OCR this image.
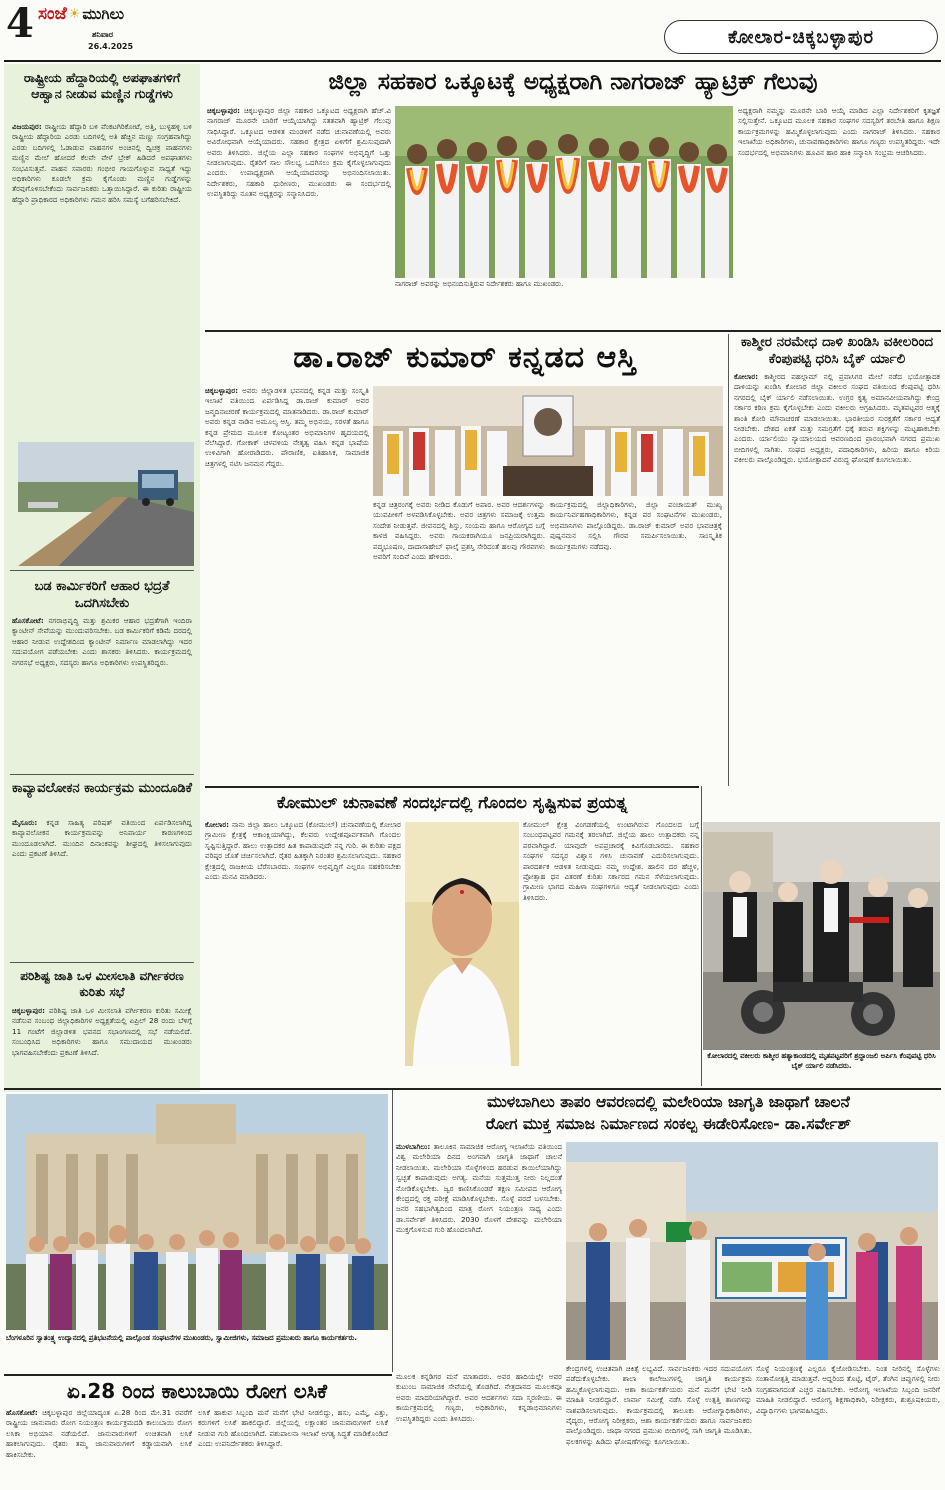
4 ಸಂಜೆ ☀ ಮುಗಿಲು
ಶನಿವಾರ
26.4.2025	ಕೋಲಾರ-ಚಿಕ್ಕಬಳ್ಳಾಪುರ
ರಾಷ್ಟ್ರೀಯ ಹೆದ್ದಾರಿಯಲ್ಲಿ ಅಪಘಾತಗಳಿಗೆ ಆಹ್ವಾನ ನೀಡುವ ಮಣ್ಣಿನ ಗುಡ್ಡೆಗಳು
ವಿಜಯಪುರ: ರಾಷ್ಟ್ರೀಯ ಹೆದ್ದಾರಿ ಬಳಿ ವೆಂಕಟಗಿರಿಕೋಟೆ, ಅತ್ತಿ, ಬುಳ್ಳಹಳ್ಳಿ ಬಳಿ ರಾಷ್ಟ್ರೀಯ ಹೆದ್ದಾರಿಯ ಎರಡು ಬದಿಗಳಲ್ಲಿ ಅತಿ ಹೆಚ್ಚಿನ ಮಣ್ಣು ಸಂಗ್ರಹವಾಗಿದ್ದು ಎರಡು ಬದಿಗಳಲ್ಲಿ ಓಡಾಡುವ ವಾಹನಗಳ ಅಂಚಿನಲ್ಲಿ ದ್ವಿಚಕ್ರ ವಾಹನಗಳು ಮಣ್ಣಿನ ಮೇಲೆ ಹೋದರೆ ಕೆಲವೇ ವೇಳೆ ಬ್ರೇಕ್ ಹಿಡಿದರೆ ಅಪಘಾತಗಳು ಸಂಭವಿಸುತ್ತವೆ. ವಾಹನ ಸವಾರರು ಗಂಭೀರ ಗಾಯಗೊಳ್ಳುವ ಸಾಧ್ಯತೆ ಇದ್ದು ಅಧಿಕಾರಿಗಳು ಕೂಡಲೇ ಕ್ರಮ ಕೈಗೊಂಡು ಮಣ್ಣಿನ ಗುಡ್ಡೆಗಳನ್ನು ತೆರವುಗೊಳಿಸಬೇಕೆಂದು ಸಾರ್ವಜನಿಕರು ಒತ್ತಾಯಿಸಿದ್ದಾರೆ. ಈ ಕುರಿತು ರಾಷ್ಟ್ರೀಯ ಹೆದ್ದಾರಿ ಪ್ರಾಧಿಕಾರದ ಅಧಿಕಾರಿಗಳು ಗಮನ ಹರಿಸಿ ಸಮಸ್ಯೆ ಬಗೆಹರಿಸಬೇಕಿದೆ.
ಬಡ ಕಾರ್ಮಿಕರಿಗೆ ಆಹಾರ ಭದ್ರತೆ ಒದಗಿಸಬೇಕು
ಹೊಸಕೋಟೆ: ನಗರಾಭಿವೃದ್ಧಿ ಮತ್ತು ಶ್ರಮಿಕರ ಆಹಾರ ಭದ್ರತೆಗಾಗಿ ಇಂದಿರಾ ಕ್ಯಾಂಟೀನ್ ಸೇವೆಯನ್ನು ಮುಂದುವರಿಸಬೇಕು. ಬಡ ಕಾರ್ಮಿಕರಿಗೆ ಕಡಿಮೆ ದರದಲ್ಲಿ ಆಹಾರ ನೀಡುವ ಉದ್ದೇಶದಿಂದ ಕ್ಯಾಂಟೀನ್ ನಿರ್ಮಾಣ ಮಾಡಲಾಗಿದ್ದು ಇದರ ಸದುಪಯೋಗ ಪಡೆಯಬೇಕು ಎಂದು ಶಾಸಕರು ತಿಳಿಸಿದರು. ಕಾರ್ಯಕ್ರಮದಲ್ಲಿ ನಗರಸಭೆ ಅಧ್ಯಕ್ಷರು, ಸದಸ್ಯರು ಹಾಗೂ ಅಧಿಕಾರಿಗಳು ಉಪಸ್ಥಿತರಿದ್ದರು.
ಕಾವ್ಯಾವಲೋಕನ ಕಾರ್ಯಕ್ರಮ ಮುಂದೂಡಿಕೆ
ಮೈಸೂರು: ಕನ್ನಡ ಸಾಹಿತ್ಯ ಪರಿಷತ್ ವತಿಯಿಂದ ಏರ್ಪಡಿಸಲಾಗಿದ್ದ ಕಾವ್ಯಾವಲೋಕನ ಕಾರ್ಯಕ್ರಮವನ್ನು ಅನಿವಾರ್ಯ ಕಾರಣಗಳಿಂದ ಮುಂದೂಡಲಾಗಿದೆ. ಮುಂದಿನ ದಿನಾಂಕವನ್ನು ಶೀಘ್ರದಲ್ಲಿ ತಿಳಿಸಲಾಗುವುದು ಎಂದು ಪ್ರಕಟಣೆ ತಿಳಿಸಿದೆ.
ಪರಿಶಿಷ್ಟ ಜಾತಿ ಒಳ ಮೀಸಲಾತಿ ವರ್ಗೀಕರಣ ಕುರಿತು ಸಭೆ
ಚಿಕ್ಕಬಳ್ಳಾಪುರ: ಪರಿಶಿಷ್ಟ ಜಾತಿ ಒಳ ಮೀಸಲಾತಿ ವರ್ಗೀಕರಣ ಕುರಿತು ಸಮೀಕ್ಷೆ ನಡೆಸುವ ಸಂಬಂಧ ಜಿಲ್ಲಾಧಿಕಾರಿಗಳ ಅಧ್ಯಕ್ಷತೆಯಲ್ಲಿ ಏಪ್ರಿಲ್ 28 ರಂದು ಬೆಳಿಗ್ಗೆ 11 ಗಂಟೆಗೆ ಜಿಲ್ಲಾಡಳಿತ ಭವನದ ಸಭಾಂಗಣದಲ್ಲಿ ಸಭೆ ನಡೆಯಲಿದೆ. ಸಂಬಂಧಿಸಿದ ಅಧಿಕಾರಿಗಳು ಹಾಗೂ ಸಮುದಾಯದ ಮುಖಂಡರು ಭಾಗವಹಿಸಬೇಕೆಂದು ಪ್ರಕಟಣೆ ತಿಳಿಸಿದೆ.
ಜಿಲ್ಲಾ ಸಹಕಾರ ಒಕ್ಕೂಟಕ್ಕೆ ಅಧ್ಯಕ್ಷರಾಗಿ ನಾಗರಾಜ್ ಹ್ಯಾಟ್ರಿಕ್ ಗೆಲುವು
ಚಿಕ್ಕಬಳ್ಳಾಪುರ: ಚಿಕ್ಕಬಳ್ಳಾಪುರ ಜಿಲ್ಲಾ ಸಹಕಾರ ಒಕ್ಕೂಟದ ಅಧ್ಯಕ್ಷರಾಗಿ ಹೆಚ್.ವಿ ನಾಗರಾಜ್ ಮೂರನೇ ಬಾರಿಗೆ ಆಯ್ಕೆಯಾಗಿದ್ದು ಸತತವಾಗಿ ಹ್ಯಾಟ್ರಿಕ್ ಗೆಲುವು ಸಾಧಿಸಿದ್ದಾರೆ. ಒಕ್ಕೂಟದ ಆಡಳಿತ ಮಂಡಳಿಗೆ ನಡೆದ ಚುನಾವಣೆಯಲ್ಲಿ ಅವರು ಅವಿರೋಧವಾಗಿ ಆಯ್ಕೆಯಾದರು. ಸಹಕಾರ ಕ್ಷೇತ್ರದ ಏಳಿಗೆಗೆ ಶ್ರಮಿಸುವುದಾಗಿ ಅವರು ತಿಳಿಸಿದರು. ಜಿಲ್ಲೆಯ ಎಲ್ಲಾ ಸಹಕಾರ ಸಂಘಗಳ ಅಭಿವೃದ್ಧಿಗೆ ಒತ್ತು ನೀಡಲಾಗುವುದು. ರೈತರಿಗೆ ಸಾಲ ಸೌಲಭ್ಯ ಒದಗಿಸಲು ಕ್ರಮ ಕೈಗೊಳ್ಳಲಾಗುವುದು ಎಂದರು. ಉಪಾಧ್ಯಕ್ಷರಾಗಿ ಆಯ್ಕೆಯಾದವರನ್ನು ಅಭಿನಂದಿಸಲಾಯಿತು. ನಿರ್ದೇಶಕರು, ಸಹಕಾರಿ ಧುರೀಣರು, ಮುಖಂಡರು ಈ ಸಂದರ್ಭದಲ್ಲಿ ಉಪಸ್ಥಿತರಿದ್ದು ನೂತನ ಅಧ್ಯಕ್ಷರನ್ನು ಸನ್ಮಾನಿಸಿದರು.
ನಾಗರಾಜ್ ಅವರನ್ನು ಅಭಿನಂದಿಸುತ್ತಿರುವ ನಿರ್ದೇಶಕರು ಹಾಗೂ ಮುಖಂಡರು.
ಅಧ್ಯಕ್ಷರಾಗಿ ನಮ್ಮನ್ನು ಮೂರನೇ ಬಾರಿ ಆಯ್ಕೆ ಮಾಡಿದ ಎಲ್ಲಾ ನಿರ್ದೇಶಕರಿಗೆ ಕೃತಜ್ಞತೆ ಸಲ್ಲಿಸುತ್ತೇನೆ. ಒಕ್ಕೂಟದ ಮೂಲಕ ಸಹಕಾರ ಸಂಘಗಳ ಸದಸ್ಯರಿಗೆ ತರಬೇತಿ ಹಾಗೂ ಶಿಕ್ಷಣ ಕಾರ್ಯಕ್ರಮಗಳನ್ನು ಹಮ್ಮಿಕೊಳ್ಳಲಾಗುವುದು ಎಂದು ನಾಗರಾಜ್ ತಿಳಿಸಿದರು. ಸಹಕಾರ ಇಲಾಖೆಯ ಅಧಿಕಾರಿಗಳು, ಚುನಾವಣಾಧಿಕಾರಿಗಳು ಹಾಗೂ ಗಣ್ಯರು ಉಪಸ್ಥಿತರಿದ್ದರು. ಇದೇ ಸಂದರ್ಭದಲ್ಲಿ ಅಭಿಮಾನಿಗಳು ಹೂವಿನ ಹಾರ ಹಾಕಿ ಸನ್ಮಾನಿಸಿ ಸಂಭ್ರಮ ಆಚರಿಸಿದರು.
ಡಾ.ರಾಜ್ ಕುಮಾರ್ ಕನ್ನಡದ ಆಸ್ತಿ
ಚಿಕ್ಕಬಳ್ಳಾಪುರ: ಅವರು ಜಿಲ್ಲಾಡಳಿತ ಭವನದಲ್ಲಿ ಕನ್ನಡ ಮತ್ತು ಸಂಸ್ಕೃತಿ ಇಲಾಖೆ ವತಿಯಿಂದ ಏರ್ಪಡಿಸಿದ್ದ ಡಾ.ರಾಜ್ ಕುಮಾರ್ ಅವರ ಜನ್ಮದಿನಾಚರಣೆ ಕಾರ್ಯಕ್ರಮದಲ್ಲಿ ಮಾತನಾಡಿದರು. ಡಾ.ರಾಜ್ ಕುಮಾರ್ ಅವರು ಕನ್ನಡ ನಾಡಿನ ಅಮೂಲ್ಯ ಆಸ್ತಿ. ತಮ್ಮ ಅಭಿನಯ, ಸರಳತೆ ಹಾಗೂ ಕನ್ನಡ ಪ್ರೇಮದ ಮೂಲಕ ಕೋಟ್ಯಂತರ ಅಭಿಮಾನಿಗಳ ಹೃದಯದಲ್ಲಿ ನೆಲೆಸಿದ್ದಾರೆ. ಗೋಕಾಕ್ ಚಳವಳಿಯ ನೇತೃತ್ವ ವಹಿಸಿ ಕನ್ನಡ ಭಾಷೆಯ ಉಳಿವಿಗಾಗಿ ಹೋರಾಡಿದರು. ಪೌರಾಣಿಕ, ಐತಿಹಾಸಿಕ, ಸಾಮಾಜಿಕ ಚಿತ್ರಗಳಲ್ಲಿ ನಟಿಸಿ ಜನಮನ ಗೆದ್ದರು.
ಕನ್ನಡ ಚಿತ್ರರಂಗಕ್ಕೆ ಅವರು ನೀಡಿದ ಕೊಡುಗೆ ಅಪಾರ. ಅವರ ಆದರ್ಶಗಳನ್ನು ಯುವಪೀಳಿಗೆ ಅಳವಡಿಸಿಕೊಳ್ಳಬೇಕು. ಅವರ ಚಿತ್ರಗಳು ಸಮಾಜಕ್ಕೆ ಉತ್ತಮ ಸಂದೇಶ ನೀಡುತ್ತವೆ. ಜೀವನದಲ್ಲಿ ಶಿಸ್ತು, ಸಂಯಮ ಹಾಗೂ ಆರೋಗ್ಯದ ಬಗ್ಗೆ ಕಾಳಜಿ ವಹಿಸಿದ್ದರು. ಅವರು ಗಾಯಕರಾಗಿಯೂ ಜನಪ್ರಿಯರಾಗಿದ್ದರು. ಪದ್ಮಭೂಷಣ, ದಾದಾಸಾಹೇಬ್ ಫಾಲ್ಕೆ ಪ್ರಶಸ್ತಿ ಸೇರಿದಂತೆ ಹಲವು ಗೌರವಗಳು ಅವರಿಗೆ ಸಂದಿವೆ ಎಂದು ಹೇಳಿದರು.
ಕಾರ್ಯಕ್ರಮದಲ್ಲಿ ಜಿಲ್ಲಾಧಿಕಾರಿಗಳು, ಜಿಲ್ಲಾ ಪಂಚಾಯತ್ ಮುಖ್ಯ ಕಾರ್ಯನಿರ್ವಹಣಾಧಿಕಾರಿಗಳು, ಕನ್ನಡ ಪರ ಸಂಘಟನೆಗಳ ಮುಖಂಡರು, ಅಭಿಮಾನಿಗಳು ಪಾಲ್ಗೊಂಡಿದ್ದರು. ಡಾ.ರಾಜ್ ಕುಮಾರ್ ಅವರ ಭಾವಚಿತ್ರಕ್ಕೆ ಪುಷ್ಪನಮನ ಸಲ್ಲಿಸಿ ಗೌರವ ಸಮರ್ಪಿಸಲಾಯಿತು. ಸಾಂಸ್ಕೃತಿಕ ಕಾರ್ಯಕ್ರಮಗಳು ನಡೆದವು.
ಕಾಶ್ಮೀರ ನರಮೇಧ ದಾಳಿ ಖಂಡಿಸಿ ವಕೀಲರಿಂದ ಕೆಂಪುಪಟ್ಟಿ ಧರಿಸಿ ಬೈಕ್ ರ್ಯಾಲಿ
ಕೋಲಾರ: ಕಾಶ್ಮೀರದ ಪಹಲ್ಗಾಮ್ ನಲ್ಲಿ ಪ್ರವಾಸಿಗರ ಮೇಲೆ ನಡೆದ ಭಯೋತ್ಪಾದಕ ದಾಳಿಯನ್ನು ಖಂಡಿಸಿ ಕೋಲಾರ ಜಿಲ್ಲಾ ವಕೀಲರ ಸಂಘದ ವತಿಯಿಂದ ಕೆಂಪುಪಟ್ಟಿ ಧರಿಸಿ ನಗರದಲ್ಲಿ ಬೈಕ್ ರ್ಯಾಲಿ ನಡೆಸಲಾಯಿತು. ಉಗ್ರರ ಕೃತ್ಯ ಅಮಾನವೀಯವಾಗಿದ್ದು ಕೇಂದ್ರ ಸರ್ಕಾರ ಕಠಿಣ ಕ್ರಮ ಕೈಗೊಳ್ಳಬೇಕು ಎಂದು ವಕೀಲರು ಆಗ್ರಹಿಸಿದರು. ಮೃತಪಟ್ಟವರ ಆತ್ಮಕ್ಕೆ ಶಾಂತಿ ಕೋರಿ ಮೌನಾಚರಣೆ ಮಾಡಲಾಯಿತು. ಭಾರತೀಯರ ಸುರಕ್ಷತೆಗೆ ಸರ್ಕಾರ ಆದ್ಯತೆ ನೀಡಬೇಕು. ದೇಶದ ಏಕತೆ ಮತ್ತು ಸಮಗ್ರತೆಗೆ ಧಕ್ಕೆ ತರುವ ಶಕ್ತಿಗಳನ್ನು ಮಟ್ಟಹಾಕಬೇಕು ಎಂದರು. ರ್ಯಾಲಿಯು ನ್ಯಾಯಾಲಯದ ಆವರಣದಿಂದ ಪ್ರಾರಂಭವಾಗಿ ನಗರದ ಪ್ರಮುಖ ಬೀದಿಗಳಲ್ಲಿ ಸಾಗಿತು. ಸಂಘದ ಅಧ್ಯಕ್ಷರು, ಪದಾಧಿಕಾರಿಗಳು, ಹಿರಿಯ ಹಾಗೂ ಕಿರಿಯ ವಕೀಲರು ಪಾಲ್ಗೊಂಡಿದ್ದರು. ಭಯೋತ್ಪಾದನೆ ವಿರುದ್ಧ ಘೋಷಣೆ ಕೂಗಲಾಯಿತು.
ಕೋಲಾರದಲ್ಲಿ ವಕೀಲರು ಕಾಶ್ಮೀರ ಹತ್ಯಾಕಾಂಡದಲ್ಲಿ ಮೃತಪಟ್ಟವರಿಗೆ ಶ್ರದ್ಧಾಂಜಲಿ ಅರ್ಪಿಸಿ ಕೆಂಪುಪಟ್ಟಿ ಧರಿಸಿ ಬೈಕ್ ರ್ಯಾಲಿ ನಡೆಸಿದರು.
ಕೋಮುಲ್ ಚುನಾವಣೆ ಸಂದರ್ಭದಲ್ಲಿ ಗೊಂದಲ ಸೃಷ್ಟಿಸುವ ಪ್ರಯತ್ನ
ಕೋಲಾರ: ನಾನು ಜಿಲ್ಲಾ ಹಾಲು ಒಕ್ಕೂಟದ (ಕೋಮುಲ್) ಚುನಾವಣೆಯಲ್ಲಿ ಕೋಲಾರ ಗ್ರಾಮೀಣ ಕ್ಷೇತ್ರಕ್ಕೆ ಆಕಾಂಕ್ಷಿಯಾಗಿದ್ದು, ಕೆಲವರು ಉದ್ದೇಶಪೂರ್ವಕವಾಗಿ ಗೊಂದಲ ಸೃಷ್ಟಿಸುತ್ತಿದ್ದಾರೆ. ಹಾಲು ಉತ್ಪಾದಕರ ಹಿತ ಕಾಪಾಡುವುದೇ ನನ್ನ ಗುರಿ. ಈ ಕುರಿತು ಪಕ್ಷದ ವರಿಷ್ಠರ ಜೊತೆ ಚರ್ಚಿಸಲಾಗಿದೆ. ರೈತರ ಹಿತಕ್ಕಾಗಿ ನಿರಂತರ ಶ್ರಮಿಸಲಾಗುವುದು. ಸಹಕಾರ ಕ್ಷೇತ್ರದಲ್ಲಿ ರಾಜಕೀಯ ಬೆರೆಸಬಾರದು. ಸಂಘಗಳ ಅಭಿವೃದ್ಧಿಗೆ ಎಲ್ಲರೂ ಸಹಕರಿಸಬೇಕು ಎಂದು ಮನವಿ ಮಾಡಿದರು.
ಕೋಮುಲ್ ಕ್ಷೇತ್ರ ವಿಂಗಡಣೆಯಲ್ಲಿ ಉಂಟಾಗಿರುವ ಗೊಂದಲದ ಬಗ್ಗೆ ಸಂಬಂಧಪಟ್ಟವರ ಗಮನಕ್ಕೆ ತರಲಾಗಿದೆ. ಜಿಲ್ಲೆಯ ಹಾಲು ಉತ್ಪಾದಕರು ನನ್ನ ಪರವಾಗಿದ್ದಾರೆ. ಯಾವುದೇ ಅಪಪ್ರಚಾರಕ್ಕೆ ಕಿವಿಗೊಡಬಾರದು. ಸಹಕಾರ ಸಂಘಗಳ ಸದಸ್ಯರ ವಿಶ್ವಾಸ ಗಳಿಸಿ ಚುನಾವಣೆ ಎದುರಿಸಲಾಗುವುದು. ಪಾರದರ್ಶಕ ಆಡಳಿತ ನೀಡುವುದು ನಮ್ಮ ಉದ್ದೇಶ. ಹಾಲಿನ ದರ ಹೆಚ್ಚಳ, ಪ್ರೋತ್ಸಾಹ ಧನ ವಿತರಣೆ ಕುರಿತು ಸರ್ಕಾರದ ಗಮನ ಸೆಳೆಯಲಾಗುವುದು. ಗ್ರಾಮೀಣ ಭಾಗದ ಮಹಿಳಾ ಸಂಘಗಳಿಗೂ ಆದ್ಯತೆ ನೀಡಲಾಗುವುದು ಎಂದು ತಿಳಿಸಿದರು.
ಬೆಂಗಳೂರಿನ ಸ್ವಾತಂತ್ರ್ಯ ಉದ್ಯಾನದಲ್ಲಿ ಪ್ರತಿಭಟನೆಯಲ್ಲಿ ಪಾಲ್ಗೊಂಡ ಸಂಘಟನೆಗಳ ಮುಖಂಡರು, ಸ್ವಾಮೀಜಿಗಳು, ಸಮಾಜದ ಪ್ರಮುಖರು ಹಾಗೂ ಕಾರ್ಯಕರ್ತರು.
ಮುಳಬಾಗಿಲು ತಾಪಂ ಆವರಣದಲ್ಲಿ ಮಲೇರಿಯಾ ಜಾಗೃತಿ ಜಾಥಾಗೆ ಚಾಲನೆ
ರೋಗ ಮುಕ್ತ ಸಮಾಜ ನಿರ್ಮಾಣದ ಸಂಕಲ್ಪ ಈಡೇರಿಸೋಣ- ಡಾ.ಸರ್ವೇಶ್
ಮುಳಬಾಗಿಲು: ತಾಲೂಕಿನ ಸಾಮಾಜಿಕ ಆರೋಗ್ಯ ಇಲಾಖೆಯ ವತಿಯಿಂದ ವಿಶ್ವ ಮಲೇರಿಯಾ ದಿನದ ಅಂಗವಾಗಿ ಜಾಗೃತಿ ಜಾಥಾಗೆ ಚಾಲನೆ ನೀಡಲಾಯಿತು. ಮಲೇರಿಯಾ ಸೊಳ್ಳೆಗಳಿಂದ ಹರಡುವ ಕಾಯಿಲೆಯಾಗಿದ್ದು ಸ್ವಚ್ಛತೆ ಕಾಪಾಡುವುದು ಅಗತ್ಯ. ಮನೆಯ ಸುತ್ತಮುತ್ತ ನೀರು ನಿಲ್ಲದಂತೆ ನೋಡಿಕೊಳ್ಳಬೇಕು. ಜ್ವರ ಕಾಣಿಸಿಕೊಂಡರೆ ತಕ್ಷಣ ಸಮೀಪದ ಆರೋಗ್ಯ ಕೇಂದ್ರದಲ್ಲಿ ರಕ್ತ ಪರೀಕ್ಷೆ ಮಾಡಿಸಿಕೊಳ್ಳಬೇಕು. ಸೊಳ್ಳೆ ಪರದೆ ಬಳಸಬೇಕು. ಜನರ ಸಹಭಾಗಿತ್ವದಿಂದ ಮಾತ್ರ ರೋಗ ನಿಯಂತ್ರಣ ಸಾಧ್ಯ ಎಂದು ಡಾ.ಸರ್ವೇಶ್ ತಿಳಿಸಿದರು. 2030 ರೊಳಗೆ ದೇಶವನ್ನು ಮಲೇರಿಯಾ ಮುಕ್ತಗೊಳಿಸುವ ಗುರಿ ಹೊಂದಲಾಗಿದೆ.
ಕೇಂದ್ರಗಳಲ್ಲಿ ಉಚಿತವಾಗಿ ಚಿಕಿತ್ಸೆ ಲಭ್ಯವಿದೆ. ಸಾರ್ವಜನಿಕರು ಇದರ ಸದುಪಯೋಗ ಪಡೆದುಕೊಳ್ಳಬೇಕು. ಶಾಲಾ ಕಾಲೇಜುಗಳಲ್ಲಿ ಜಾಗೃತಿ ಕಾರ್ಯಕ್ರಮ ಹಮ್ಮಿಕೊಳ್ಳಲಾಗುವುದು. ಆಶಾ ಕಾರ್ಯಕರ್ತೆಯರು ಮನೆ ಮನೆಗೆ ಭೇಟಿ ನೀಡಿ ಮಾಹಿತಿ ನೀಡಲಿದ್ದಾರೆ. ಲಾರ್ವಾ ಸಮೀಕ್ಷೆ ನಡೆಸಿ ಸೊಳ್ಳೆ ಉತ್ಪತ್ತಿ ತಾಣಗಳನ್ನು ನಾಶಪಡಿಸಲಾಗುವುದು. ಕಾರ್ಯಕ್ರಮದಲ್ಲಿ ತಾಲೂಕು ಆರೋಗ್ಯಾಧಿಕಾರಿಗಳು, ವೈದ್ಯರು, ಆರೋಗ್ಯ ನಿರೀಕ್ಷಕರು, ಆಶಾ ಕಾರ್ಯಕರ್ತೆಯರು ಹಾಗೂ ಸಾರ್ವಜನಿಕರು ಪಾಲ್ಗೊಂಡಿದ್ದರು. ಜಾಥಾ ನಗರದ ಪ್ರಮುಖ ಬೀದಿಗಳಲ್ಲಿ ಸಾಗಿ ಜಾಗೃತಿ ಮೂಡಿಸಿತು. ಫಲಕಗಳನ್ನು ಹಿಡಿದು ಘೋಷಣೆಗಳನ್ನು ಕೂಗಲಾಯಿತು.
ಸೊಳ್ಳೆ ನಿಯಂತ್ರಣಕ್ಕೆ ಎಲ್ಲರೂ ಕೈಜೋಡಿಸಬೇಕು. ನಿಂತ ನೀರಿನಲ್ಲಿ ಸೊಳ್ಳೆಗಳು ಸಂತಾನೋತ್ಪತ್ತಿ ಮಾಡುತ್ತವೆ. ಆದ್ದರಿಂದ ತೊಟ್ಟಿ, ಟೈರ್, ತೆಂಗಿನ ಚಿಪ್ಪುಗಳಲ್ಲಿ ನೀರು ಸಂಗ್ರಹವಾಗದಂತೆ ಎಚ್ಚರ ವಹಿಸಬೇಕು. ಆರೋಗ್ಯ ಇಲಾಖೆಯ ಸಿಬ್ಬಂದಿ ಜನರಿಗೆ ಮಾಹಿತಿ ನೀಡಲಿದ್ದಾರೆ. ಆರೋಗ್ಯ ಶಿಕ್ಷಣಾಧಿಕಾರಿ, ನಿರೀಕ್ಷಕರು, ಶುಶ್ರೂಷಕಿಯರು, ವಿದ್ಯಾರ್ಥಿಗಳು ಭಾಗವಹಿಸಿದ್ದರು.
ಮೂಲಕ ಕನ್ನಡಿಗರ ಮನೆ ಮಾತಾದರು. ಅವರ ಹಾದಿಯಲ್ಲೇ ಅವರ ಕುಟುಂಬ ಸಾಮಾಜಿಕ ಸೇವೆಯಲ್ಲಿ ತೊಡಗಿದೆ. ನೇತ್ರದಾನದ ಮೂಲಕವೂ ಅವರು ಮಾದರಿಯಾಗಿದ್ದಾರೆ. ಅವರ ಆದರ್ಶಗಳು ಸದಾ ಸ್ಮರಣೀಯ. ಈ ಕಾರ್ಯಕ್ರಮದಲ್ಲಿ ಗಣ್ಯರು, ಅಧಿಕಾರಿಗಳು, ಕನ್ನಡಾಭಿಮಾನಿಗಳು ಉಪಸ್ಥಿತರಿದ್ದರು ಎಂದು ತಿಳಿಸಿದರು.
ಏ.28 ರಿಂದ ಕಾಲುಬಾಯಿ ರೋಗ ಲಸಿಕೆ
ಹೊಸಕೋಟೆ: ಚಿಕ್ಕಬಳ್ಳಾಪುರ ಜಿಲ್ಲೆಯಾದ್ಯಂತ ಏ.28 ರಿಂದ ಮೇ.31 ರವರೆಗೆ ರಾಷ್ಟ್ರೀಯ ಜಾನುವಾರು ರೋಗ ನಿಯಂತ್ರಣ ಕಾರ್ಯಕ್ರಮದಡಿ ಕಾಲುಬಾಯಿ ರೋಗ ಲಸಿಕಾ ಅಭಿಯಾನ ನಡೆಯಲಿದೆ. ಜಾನುವಾರುಗಳಿಗೆ ಉಚಿತವಾಗಿ ಲಸಿಕೆ ಹಾಕಲಾಗುವುದು. ರೈತರು ತಮ್ಮ ಜಾನುವಾರುಗಳಿಗೆ ಕಡ್ಡಾಯವಾಗಿ ಲಸಿಕೆ ಹಾಕಿಸಬೇಕು.
ಲಸಿಕೆ ಹಾಕುವ ಸಿಬ್ಬಂದಿ ಮನೆ ಮನೆಗೆ ಭೇಟಿ ನೀಡಲಿದ್ದು, ಹಸು, ಎಮ್ಮೆ, ಎತ್ತು, ಕರುಗಳಿಗೆ ಲಸಿಕೆ ಹಾಕಲಿದ್ದಾರೆ. ಜಿಲ್ಲೆಯಲ್ಲಿ ಲಕ್ಷಾಂತರ ಜಾನುವಾರುಗಳಿಗೆ ಲಸಿಕೆ ನೀಡುವ ಗುರಿ ಹೊಂದಲಾಗಿದೆ. ಪಶುಪಾಲನಾ ಇಲಾಖೆ ಅಗತ್ಯ ಸಿದ್ಧತೆ ಮಾಡಿಕೊಂಡಿದೆ ಎಂದು ಉಪನಿರ್ದೇಶಕರು ತಿಳಿಸಿದ್ದಾರೆ.
